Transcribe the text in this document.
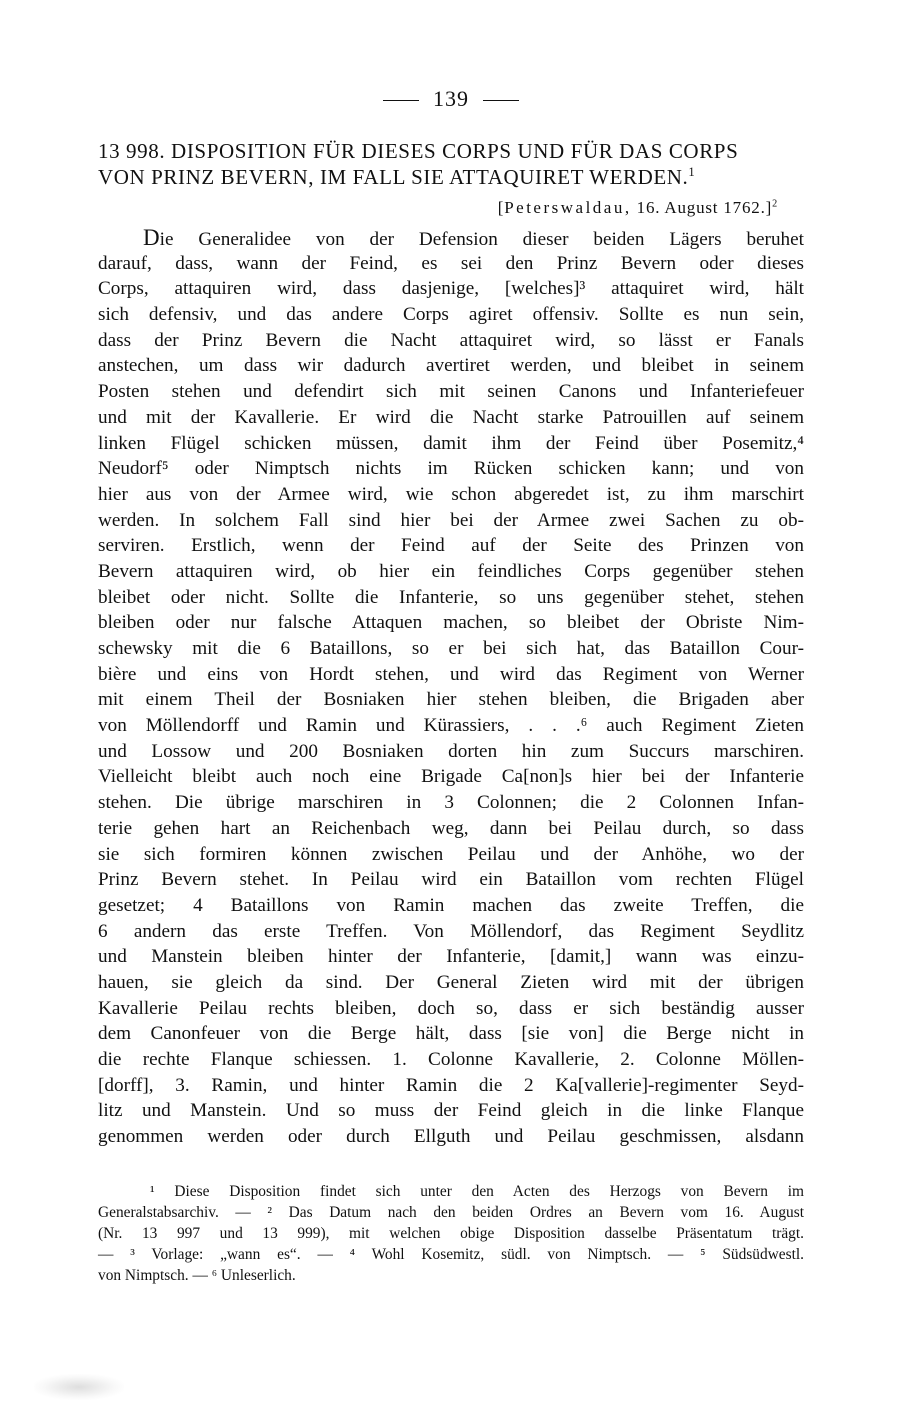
139
13 998. DISPOSITION FÜR DIESES CORPS UND FÜR DAS CORPS
VON PRINZ BEVERN, IM FALL SIE ATTAQUIRET WERDEN.$^1$
[Peterswaldau, 16. August 1762.]$^2$
Die Generalidee von der Defension dieser beiden Lägers beruhet
darauf, dass, wann der Feind, es sei den Prinz Bevern oder dieses
Corps, attaquiren wird, dass dasjenige, [welches]³ attaquiret wird, hält
sich defensiv, und das andere Corps agiret offensiv. Sollte es nun sein,
dass der Prinz Bevern die Nacht attaquiret wird, so lässt er Fanals
anstechen, um dass wir dadurch avertiret werden, und bleibet in seinem
Posten stehen und defendirt sich mit seinen Canons und Infanteriefeuer
und mit der Kavallerie. Er wird die Nacht starke Patrouillen auf seinem
linken Flügel schicken müssen, damit ihm der Feind über Posemitz,⁴
Neudorf⁵ oder Nimptsch nichts im Rücken schicken kann; und von
hier aus von der Armee wird, wie schon abgeredet ist, zu ihm marschirt
werden. In solchem Fall sind hier bei der Armee zwei Sachen zu ob-
serviren. Erstlich, wenn der Feind auf der Seite des Prinzen von
Bevern attaquiren wird, ob hier ein feindliches Corps gegenüber stehen
bleibet oder nicht. Sollte die Infanterie, so uns gegenüber stehet, stehen
bleiben oder nur falsche Attaquen machen, so bleibet der Obriste Nim-
schewsky mit die 6 Bataillons, so er bei sich hat, das Bataillon Cour-
bière und eins von Hordt stehen, und wird das Regiment von Werner
mit einem Theil der Bosniaken hier stehen bleiben, die Brigaden aber
von Möllendorff und Ramin und Kürassiers, . . .⁶ auch Regiment Zieten
und Lossow und 200 Bosniaken dorten hin zum Succurs marschiren.
Vielleicht bleibt auch noch eine Brigade Ca[non]s hier bei der Infanterie
stehen. Die übrige marschiren in 3 Colonnen; die 2 Colonnen Infan-
terie gehen hart an Reichenbach weg, dann bei Peilau durch, so dass
sie sich formiren können zwischen Peilau und der Anhöhe, wo der
Prinz Bevern stehet. In Peilau wird ein Bataillon vom rechten Flügel
gesetzet; 4 Bataillons von Ramin machen das zweite Treffen, die
6 andern das erste Treffen. Von Möllendorf, das Regiment Seydlitz
und Manstein bleiben hinter der Infanterie, [damit,] wann was einzu-
hauen, sie gleich da sind. Der General Zieten wird mit der übrigen
Kavallerie Peilau rechts bleiben, doch so, dass er sich beständig ausser
dem Canonfeuer von die Berge hält, dass [sie von] die Berge nicht in
die rechte Flanque schiessen. 1. Colonne Kavallerie, 2. Colonne Möllen-
[dorff], 3. Ramin, und hinter Ramin die 2 Ka[vallerie]-regimenter Seyd-
litz und Manstein. Und so muss der Feind gleich in die linke Flanque
genommen werden oder durch Ellguth und Peilau geschmissen, alsdann
¹ Diese Disposition findet sich unter den Acten des Herzogs von Bevern im
Generalstabsarchiv. — ² Das Datum nach den beiden Ordres an Bevern vom 16. August
(Nr. 13 997 und 13 999), mit welchen obige Disposition dasselbe Präsentatum trägt.
— ³ Vorlage: „wann es“. — ⁴ Wohl Kosemitz, südl. von Nimptsch. — ⁵ Südsüdwestl.
von Nimptsch. — ⁶ Unleserlich.
